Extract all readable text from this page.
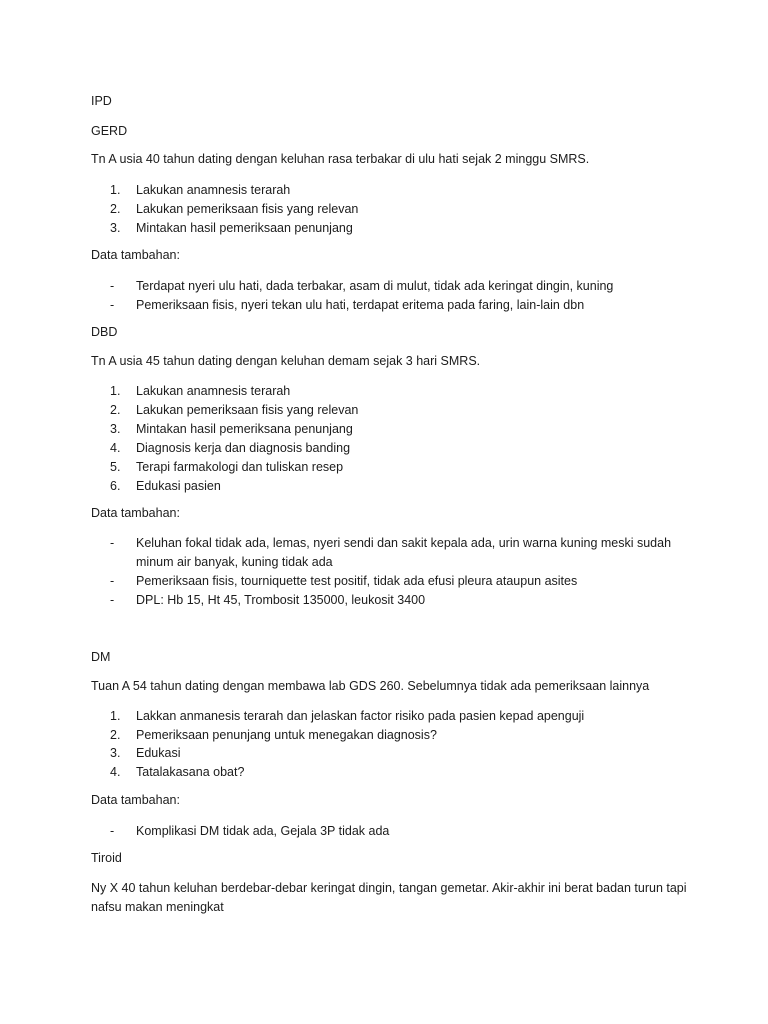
IPD

GERD

Tn A usia 40 tahun dating dengan keluhan rasa terbakar di ulu hati sejak 2 minggu SMRS.

1. Lakukan anamnesis terarah
2. Lakukan pemeriksaan fisis yang relevan
3. Mintakan hasil pemeriksaan penunjang

Data tambahan:

- Terdapat nyeri ulu hati, dada terbakar, asam di mulut, tidak ada keringat dingin, kuning
- Pemeriksaan fisis, nyeri tekan ulu hati, terdapat eritema pada faring, lain-lain dbn

DBD

Tn A usia 45 tahun dating dengan keluhan demam sejak 3 hari SMRS.

1. Lakukan anamnesis terarah
2. Lakukan pemeriksaan fisis yang relevan
3. Mintakan hasil pemeriksana penunjang
4. Diagnosis kerja dan diagnosis banding
5. Terapi farmakologi dan tuliskan resep
6. Edukasi pasien

Data tambahan:

- Keluhan fokal tidak ada, lemas, nyeri sendi dan sakit kepala ada, urin warna kuning meski sudah minum air banyak, kuning tidak ada
- Pemeriksaan fisis, tourniquette test positif, tidak ada efusi pleura ataupun asites
- DPL: Hb 15, Ht 45, Trombosit 135000, leukosit 3400

DM

Tuan A 54 tahun dating dengan membawa lab GDS 260. Sebelumnya tidak ada pemeriksaan lainnya

1. Lakkan anmanesis terarah dan jelaskan factor risiko pada pasien kepad apenguji
2. Pemeriksaan penunjang untuk menegakan diagnosis?
3. Edukasi
4. Tatalakasana obat?

Data tambahan:

- Komplikasi DM tidak ada, Gejala 3P tidak ada

Tiroid

Ny X 40 tahun keluhan berdebar-debar keringat dingin, tangan gemetar. Akir-akhir ini berat badan turun tapi nafsu makan meningkat
